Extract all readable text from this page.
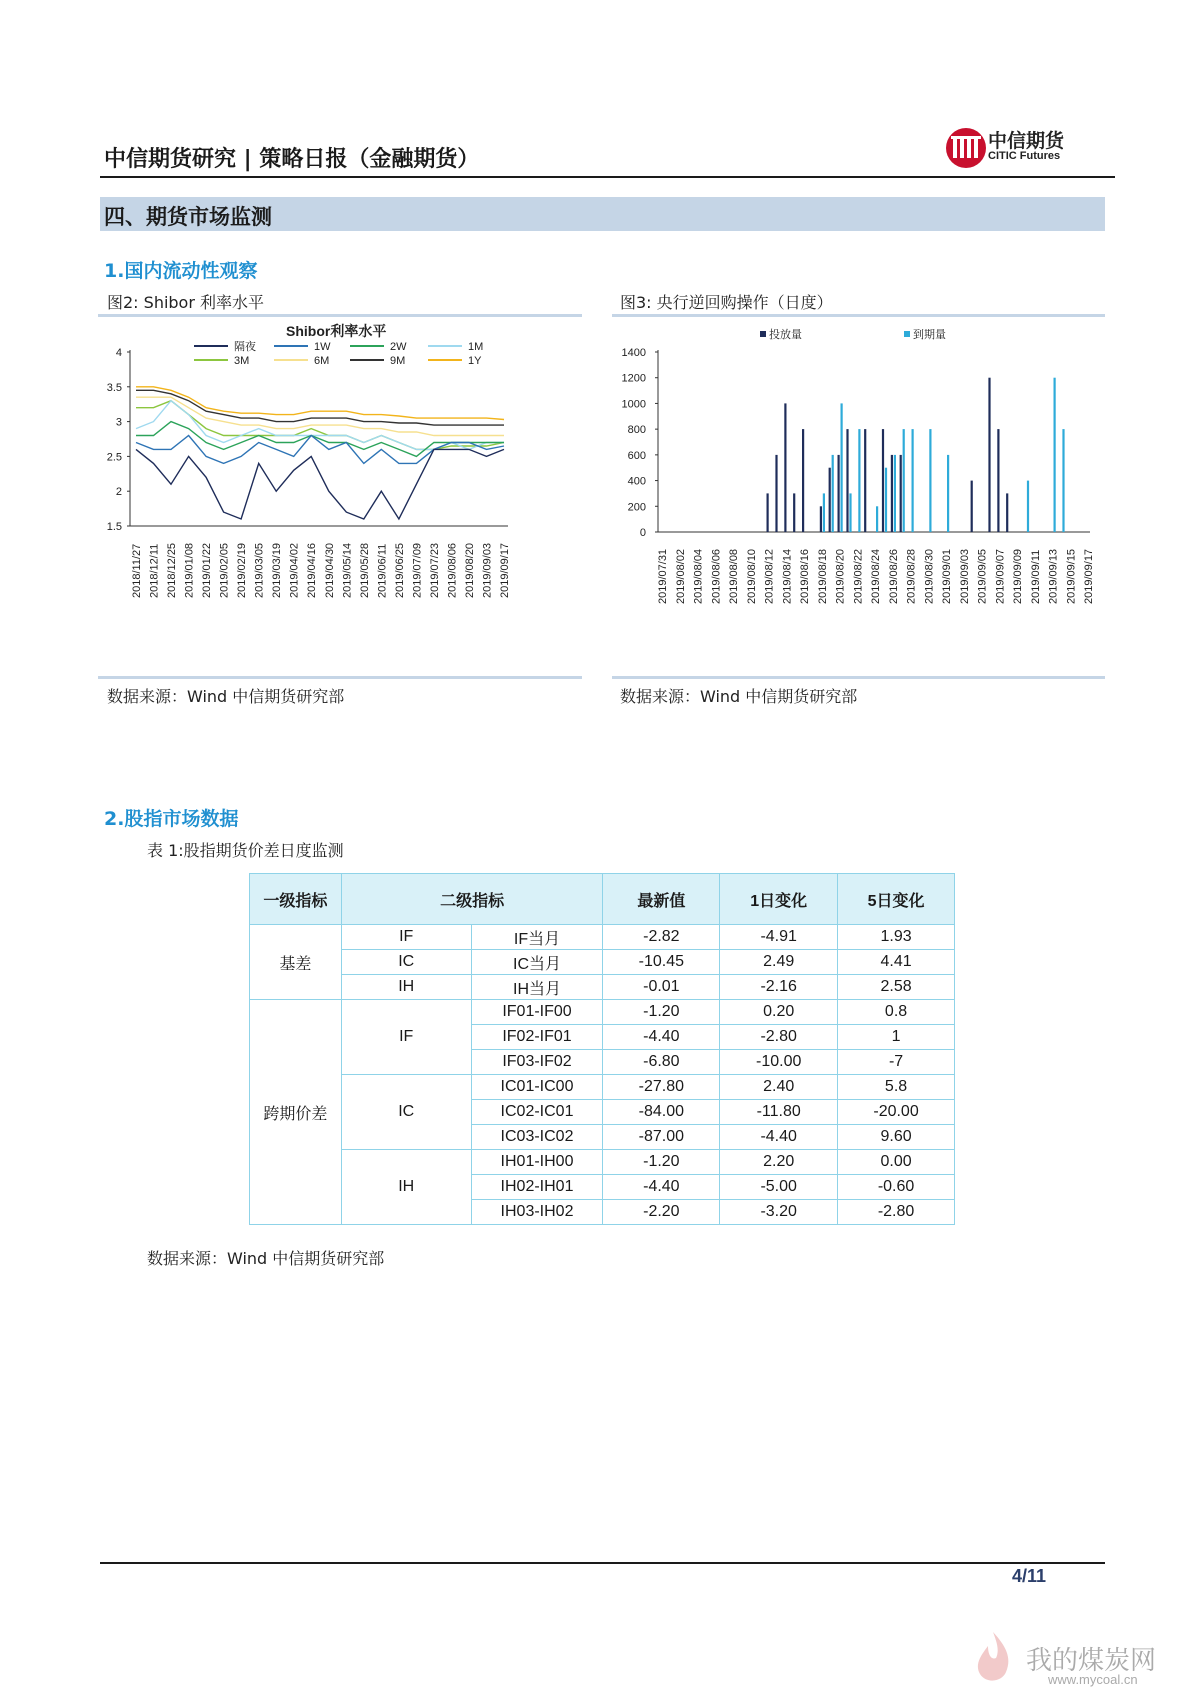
中信期货研究 | 策略日报（金融期货）
中信期货
CITIC Futures
四、期货市场监测
1.国内流动性观察
图2: Shibor 利率水平	图3: 央行逆回购操作（日度）
Shibor利率水平
隔夜	1W	2W	1M
3M	6M	9M	1Y
4
3.5
3
2.5
2
1.5
2018/11/27 2018/12/11 2018/12/25 2019/01/08 2019/01/22 2019/02/05 2019/02/19 2019/03/05 2019/03/19 2019/04/02 2019/04/16 2019/04/30 2019/05/14 2019/05/28 2019/06/11 2019/06/25 2019/07/09 2019/07/23 2019/08/06 2019/08/20 2019/09/03 2019/09/17
投放量	到期量
1400
1200
1000
800
600
400
200
0
2019/07/31 2019/08/02 2019/08/04 2019/08/06 2019/08/08 2019/08/10 2019/08/12 2019/08/14 2019/08/16 2019/08/18 2019/08/20 2019/08/22 2019/08/24 2019/08/26 2019/08/28 2019/08/30 2019/09/01 2019/09/03 2019/09/05 2019/09/07 2019/09/09 2019/09/11 2019/09/13 2019/09/15 2019/09/17
数据来源：Wind 中信期货研究部	数据来源：Wind 中信期货研究部
2.股指市场数据
表 1:股指期货价差日度监测
一级指标	二级指标		最新值	1日变化	5日变化
基差	IF	IF当月	-2.82	-4.91	1.93
	IC	IC当月	-10.45	2.49	4.41
	IH	IH当月	-0.01	-2.16	2.58
跨期价差	IF	IF01-IF00	-1.20	0.20	0.8
		IF02-IF01	-4.40	-2.80	1
		IF03-IF02	-6.80	-10.00	-7
	IC	IC01-IC00	-27.80	2.40	5.8
		IC02-IC01	-84.00	-11.80	-20.00
		IC03-IC02	-87.00	-4.40	9.60
	IH	IH01-IH00	-1.20	2.20	0.00
		IH02-IH01	-4.40	-5.00	-0.60
		IH03-IH02	-2.20	-3.20	-2.80
数据来源：Wind 中信期货研究部
4/11
我的煤炭网
www.mycoal.cn
